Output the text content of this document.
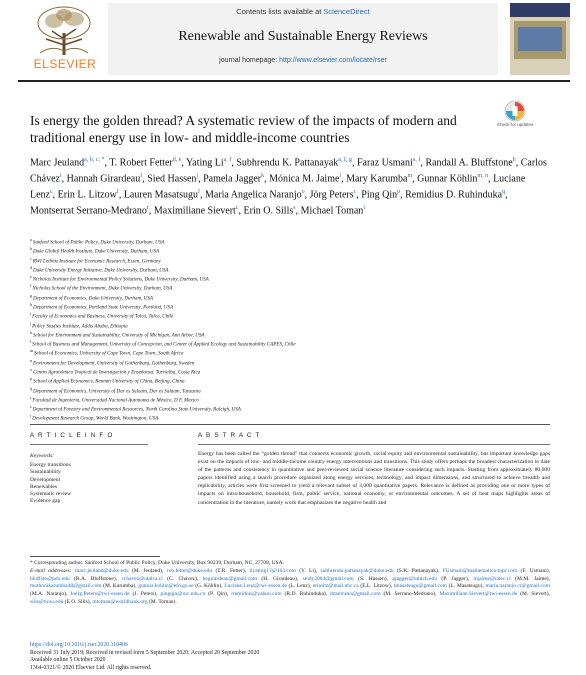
ELSEVIER
Contents lists available at ScienceDirect
Renewable and Sustainable Energy Reviews
journal homepage: http://www.elsevier.com/locate/rser
Is energy the golden thread? A systematic review of the impacts of modern and traditional energy use in low- and middle-income countries
Check for updates
Marc Jeuland$^{a, b, c, *}$, T. Robert Fetter$^{d, e}$, Yating Li$^{a, f}$, Subhrendu K. Pattanayak$^{a, f, g}$, Faraz Usmani$^{a, f}$, Randall A. Bluffstone$^h$, Carlos Chávez$^i$, Hannah Girardeau$^f$, Sied Hassen$^j$, Pamela Jagger$^k$, Mónica M. Jaime$^l$, Mary Karumba$^m$, Gunnar Köhlin$^{m, n}$, Luciane Lenz$^c$, Erin L. Litzow$^f$, Lauren Masatsugu$^f$, Maria Angelica Naranjo$^o$, Jörg Peters$^c$, Ping Qin$^p$, Remidius D. Ruhinduka$^q$, Montserrat Serrano-Medrano$^r$, Maximiliane Sievert$^c$, Erin O. Sills$^s$, Michael Toman$^t$
$^a$ Sanford School of Public Policy, Duke University, Durham, USA
$^b$ Duke Global Health Institute, Duke University, Durham, USA
$^c$ RWI Leibniz Institute for Economic Research, Essen, Germany
$^d$ Duke University Energy Initiative, Duke University, Durham, USA
$^e$ Nicholas Institute for Environmental Policy Solutions, Duke University, Durham, USA
$^f$ Nicholas School of the Environment, Duke University, Durham, USA
$^g$ Department of Economics, Duke University, Durham, USA
$^h$ Department of Economics, Portland State University, Portland, USA
$^i$ Faculty of Economics and Business, University of Talca, Talca, Chile
$^j$ Policy Studies Institute, Addis Ababa, Ethiopia
$^k$ School for Environment and Sustainability, University of Michigan, Ann Arbor, USA
$^l$ School of Business and Management, University of Concepcion, and Center of Applied Ecology and Sustainability CAPES, Chile
$^m$ School of Economics, University of Cape Town, Cape Town, South Africa
$^n$ Environment for Development, University of Gothenburg, Gothenburg, Sweden
$^o$ Centro Agronómico Tropical de Investigación y Enseñanza, Turrialba, Costa Rica
$^p$ School of Applied Economics, Renmin University of China, Beijing, China
$^q$ Department of Economics, University of Dar es Salaam, Dar es Salaam, Tanzania
$^r$ Facultad de Ingeniería, Universidad Nacional Autónoma de México, D F, Mexico
$^s$ Department of Forestry and Environmental Resources, North Carolina State University, Raleigh, USA
$^t$ Development Research Group, World Bank, Washington, USA
A R T I C L E I N F O	A B S T R A C T
Keywords:
Energy transitions
Sustainability
Development
Renewables
Systematic review
Evidence gap
Energy has been called the “golden thread” that connects economic growth, social equity and environmental sustainability, but important knowledge gaps exist on the impacts of low- and middle-income country energy interventions and transitions. This study offers perhaps the broadest characterization to date of the patterns and consistency in quantitative and peer-reviewed social science literature considering such impacts. Starting from approximately 80,000 papers identified using a search procedure organized along energy services, technology, and impact dimensions, and structured to achieve breadth and replicability, articles were first screened to yield a relevant subset of 3,000 quantitative papers. Relevance is defined as providing one or more types of impacts on intra-household, household, firm, public service, national economy, or environmental outcomes. A set of heat maps highlights areas of concentration in the literature, namely work that emphasizes the negative health and
* Corresponding author. Sanford School of Public Policy, Duke University, Box 90239, Durham, NC, 27708, USA.
E-mail addresses: marc.jeuland@duke.edu (M. Jeuland), rob.fetter@duke.edu (T.R. Fetter), liyating13@163.com (Y. Li), subhrendu.pattanayak@duke.edu (S.K. Pattanayak), FUsmani@mathematica-mpr.com (F. Usmani), bluffsto@pdx.edu (R.A. Bluffstone), cchavez@utalca.cl (C. Chávez), hegirardeau@gmail.com (H. Girardeau), seidy2004@gmail.com (S. Hassen), pjagger@umich.edu (P. Jagger), mjaime@udec.cl (M.M. Jaime), muthonikarumba48@gmail.com (M. Karumba), gunnar.kohlin@efd.gu.se (G. Köhlin), Luciane.Lenz@rwi-essen.de (L. Lenz), erinlitz@mail.ubc.ca (E.L. Litzow), lmasatsugu@gmail.com (L. Masatsugu), maria.naranjo.cr@gmail.com (M.A. Naranjo), Joerg.Peters@rwi-essen.de (J. Peters), pingqin@ruc.edu.cn (P. Qin), rremidius@yahoo.com (R.D. Ruhinduka), mtserrano@gmail.com (M. Serrano-Medrano), Maximiliane.Sievert@rwi-essen.de (M. Sievert), sills@ncsu.edu (E.O. Sills), mtoman@worldbank.org (M. Toman).
https://doi.org/10.1016/j.rser.2020.110406
Received 31 July 2019; Received in revised form 5 September 2020; Accepted 20 September 2020
Available online 5 October 2020
1364-0321/© 2020 Elsevier Ltd. All rights reserved.
